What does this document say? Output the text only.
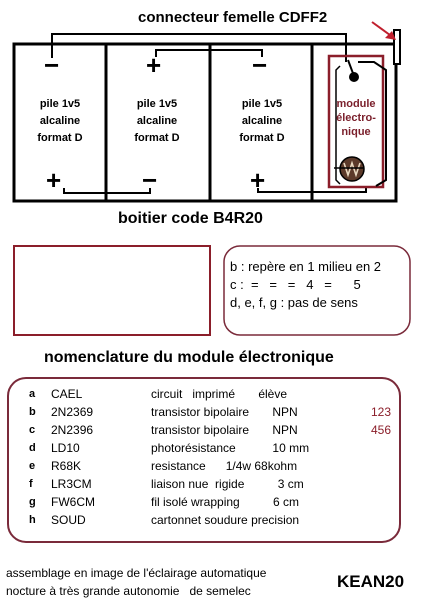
connecteur femelle CDFF2
−	+	−
+	−	+
pile 1v5
alcaline
format D
pile 1v5
alcaline
format D
pile 1v5
alcaline
format D
module
électro-
nique
boitier code B4R20
b : repère en 1 milieu en 2
c :  =   =   =   4   =      5
d, e, f, g : pas de sens
nomenclature du module électronique
a CAEL	circuit   imprimé       élève
b 2N2369	transistor bipolaire       NPN	123
c 2N2396	transistor bipolaire       NPN	456
d LD10	photorésistance           10 mm
e R68K	resistance      1/4w 68kohm
f LR3CM	liaison nue  rigide          3 cm
g FW6CM	fil isolé wrapping          6 cm
h SOUD	cartonnet soudure precision
assemblage en image de l'éclairage automatique
nocture à très grande autonomie   de semelec	KEAN20
